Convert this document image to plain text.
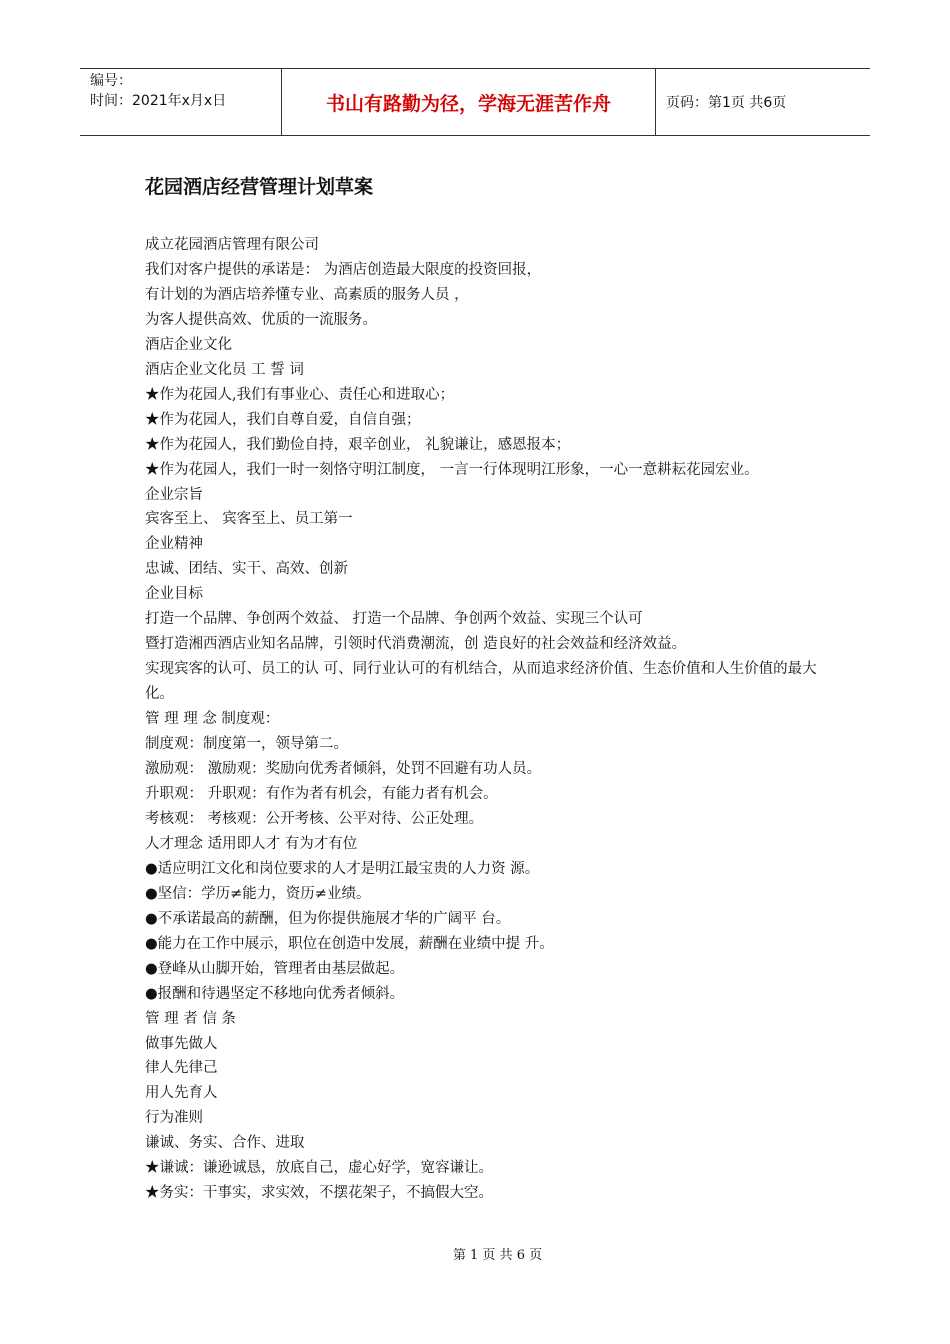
编号：
时间：2021年x月x日	书山有路勤为径，学海无涯苦作舟	页码：第1页 共6页
花园酒店经营管理计划草案

成立花园酒店管理有限公司

我们对客户提供的承诺是： 为酒店创造最大限度的投资回报，

有计划的为酒店培养懂专业、高素质的服务人员 ，

为客人提供高效、优质的一流服务。

酒店企业文化

酒店企业文化员 工 誓 词

★作为花园人,我们有事业心、责任心和进取心；

★作为花园人，我们自尊自爱，自信自强；

★作为花园人，我们勤俭自持，艰辛创业， 礼貌谦让，感恩报本；

★作为花园人，我们一时一刻恪守明江制度， 一言一行体现明江形象，一心一意耕耘花园宏业。

企业宗旨

宾客至上、 宾客至上、员工第一

企业精神

忠诚、团结、实干、高效、创新

企业目标

打造一个品牌、争创两个效益、 打造一个品牌、争创两个效益、实现三个认可

暨打造湘西酒店业知名品牌，引领时代消费潮流，创 造良好的社会效益和经济效益。

实现宾客的认可、员工的认 可、同行业认可的有机结合，从而追求经济价值、生态价值和人生价值的最大化。

管 理 理 念 制度观：

制度观：制度第一，领导第二。

激励观： 激励观：奖励向优秀者倾斜，处罚不回避有功人员。

升职观： 升职观：有作为者有机会，有能力者有机会。

考核观： 考核观：公开考核、公平对待、公正处理。

人才理念 适用即人才 有为才有位

●适应明江文化和岗位要求的人才是明江最宝贵的人力资 源。

●坚信：学历≠能力，资历≠业绩。

●不承诺最高的薪酬，但为你提供施展才华的广阔平 台。

●能力在工作中展示，职位在创造中发展，薪酬在业绩中提 升。

●登峰从山脚开始，管理者由基层做起。

●报酬和待遇坚定不移地向优秀者倾斜。

管 理 者 信 条

做事先做人

律人先律己

用人先育人

行为准则

谦诚、务实、合作、进取

★谦诚：谦逊诚恳，放底自己，虚心好学，宽容谦让。

★务实：干事实，求实效，不摆花架子，不搞假大空。

第 1 页 共 6 页
